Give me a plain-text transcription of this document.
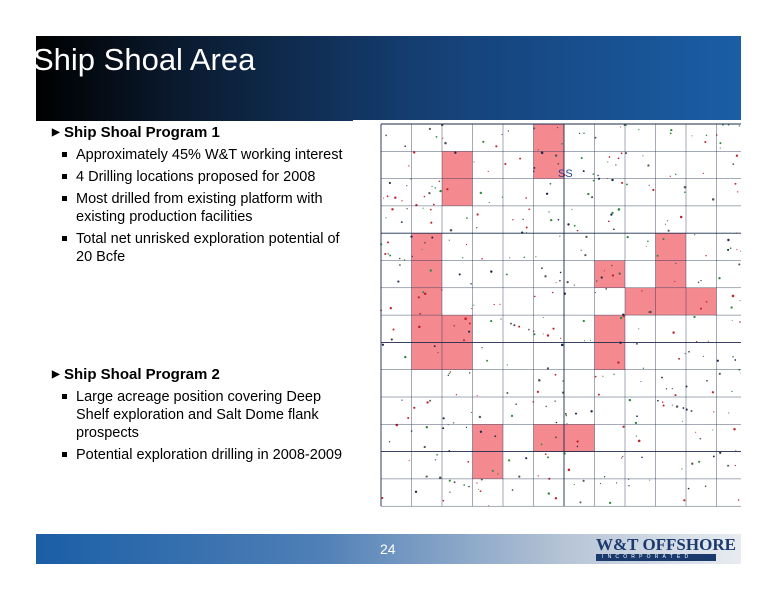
Ship Shoal Area
▶ Ship Shoal Program 1
Approximately 45% W&T working interest
4 Drilling locations proposed for 2008
Most drilled from existing platform with existing production facilities
Total net unrisked exploration potential of 20 Bcfe
▶ Ship Shoal Program 2
Large acreage position covering Deep Shelf exploration and Salt Dome flank prospects
Potential exploration drilling in 2008-2009
SS
24	W&T OFFSHORE
INCORPORATED
